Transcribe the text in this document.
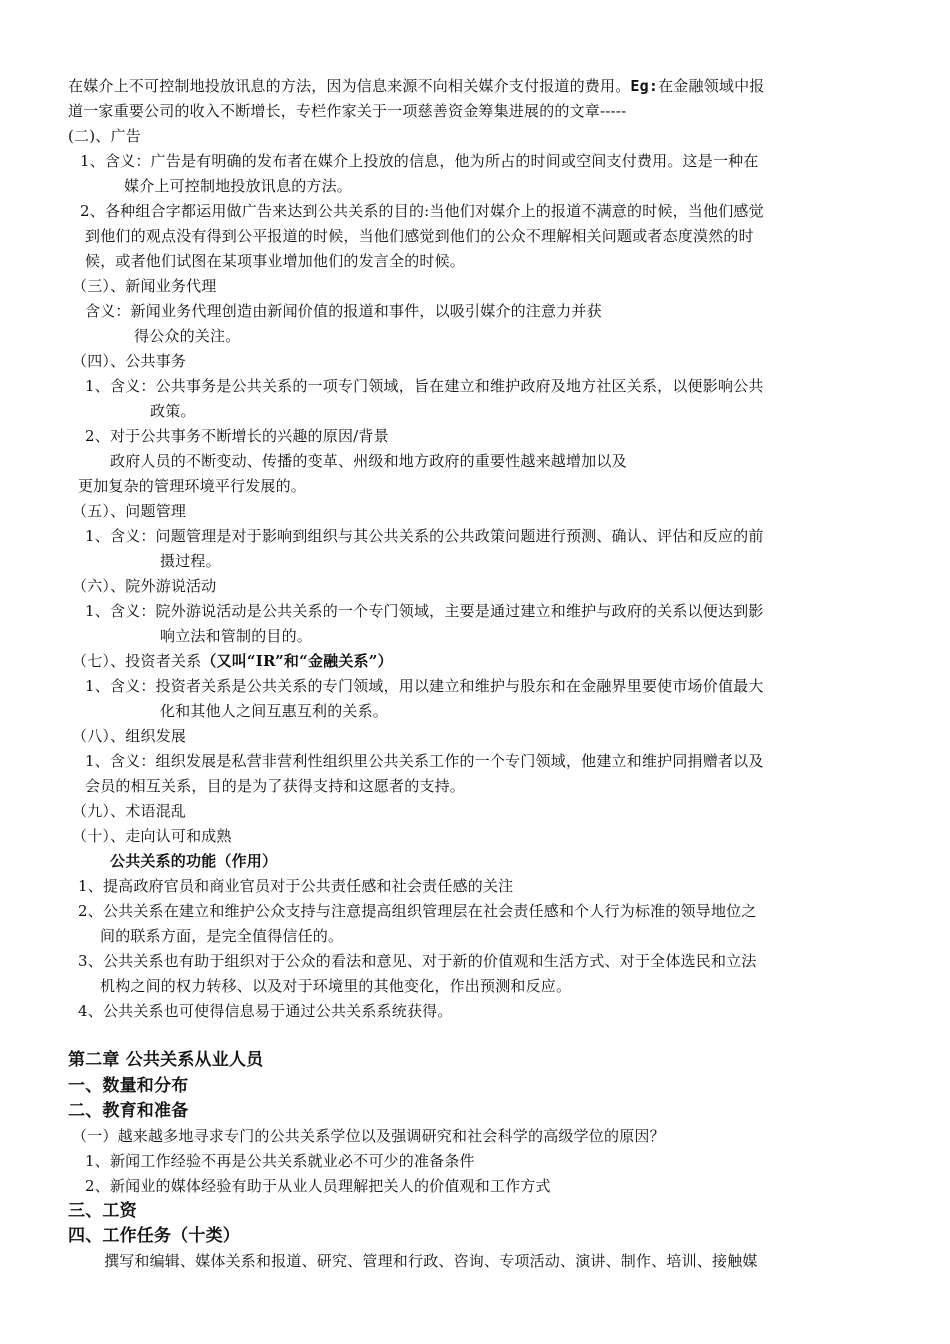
在媒介上不可控制地投放讯息的方法，因为信息来源不向相关媒介支付报道的费用。Eg:在金融领域中报
道一家重要公司的收入不断增长，专栏作家关于一项慈善资金筹集进展的的文章-----
(二)、广告
1、含义：广告是有明确的发布者在媒介上投放的信息，他为所占的时间或空间支付费用。这是一种在
媒介上可控制地投放讯息的方法。
2、各种组合字都运用做广告来达到公共关系的目的:当他们对媒介上的报道不满意的时候，当他们感觉
到他们的观点没有得到公平报道的时候，当他们感觉到他们的公众不理解相关问题或者态度漠然的时
候，或者他们试图在某项事业增加他们的发言全的时候。
（三）、新闻业务代理
含义：新闻业务代理创造由新闻价值的报道和事件，以吸引媒介的注意力并获
得公众的关注。
（四）、公共事务
1、含义：公共事务是公共关系的一项专门领域，旨在建立和维护政府及地方社区关系，以便影响公共
政策。
2、对于公共事务不断增长的兴趣的原因/背景
政府人员的不断变动、传播的变革、州级和地方政府的重要性越来越增加以及
更加复杂的管理环境平行发展的。
（五）、问题管理
1、含义：问题管理是对于影响到组织与其公共关系的公共政策问题进行预测、确认、评估和反应的前
摄过程。
（六）、院外游说活动
1、含义：院外游说活动是公共关系的一个专门领域，主要是通过建立和维护与政府的关系以便达到影
响立法和管制的目的。
（七）、投资者关系（又叫“IR”和“金融关系”）
1、含义：投资者关系是公共关系的专门领域，用以建立和维护与股东和在金融界里要使市场价值最大
化和其他人之间互惠互利的关系。
（八）、组织发展
1、含义：组织发展是私营非营利性组织里公共关系工作的一个专门领域，他建立和维护同捐赠者以及
会员的相互关系，目的是为了获得支持和这愿者的支持。
（九）、术语混乱
（十）、走向认可和成熟
公共关系的功能（作用）
1、提高政府官员和商业官员对于公共责任感和社会责任感的关注
2、公共关系在建立和维护公众支持与注意提高组织管理层在社会责任感和个人行为标准的领导地位之
间的联系方面，是完全值得信任的。
3、公共关系也有助于组织对于公众的看法和意见、对于新的价值观和生活方式、对于全体选民和立法
机构之间的权力转移、以及对于环境里的其他变化，作出预测和反应。
4、公共关系也可使得信息易于通过公共关系系统获得。
第二章 公共关系从业人员
一、数量和分布
二、教育和准备
（一）越来越多地寻求专门的公共关系学位以及强调研究和社会科学的高级学位的原因？
1、新闻工作经验不再是公共关系就业必不可少的准备条件
2、新闻业的媒体经验有助于从业人员理解把关人的价值观和工作方式
三、工资
四、工作任务（十类）
撰写和编辑、媒体关系和报道、研究、管理和行政、咨询、专项活动、演讲、制作、培训、接触媒
